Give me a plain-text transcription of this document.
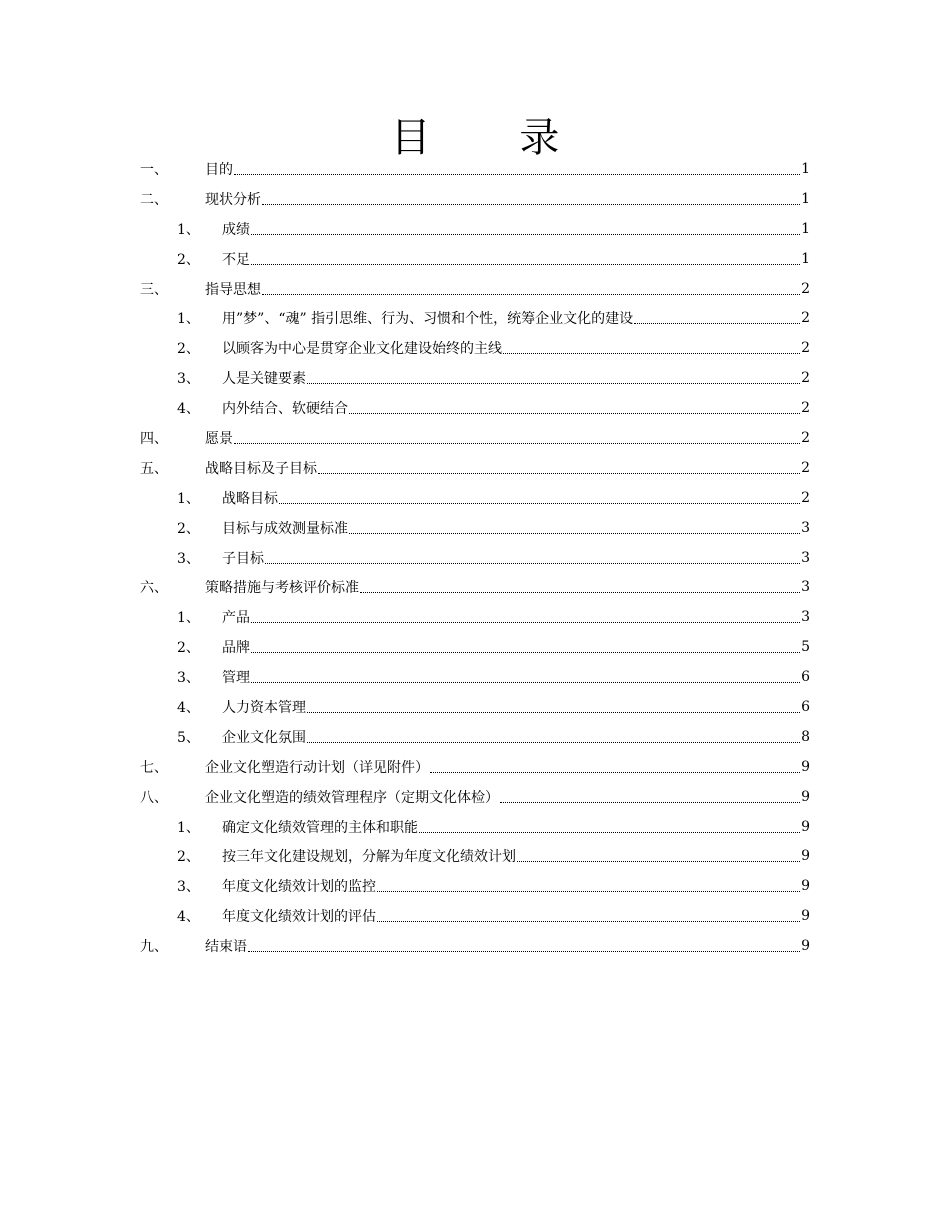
目 录
一、	目的	1
二、	现状分析	1
1、	成绩	1
2、	不足	1
三、	指导思想	2
1、	用”梦”、“魂” 指引思维、行为、习惯和个性，统筹企业文化的建设	2
2、	以顾客为中心是贯穿企业文化建设始终的主线	2
3、	人是关键要素	2
4、	内外结合、软硬结合	2
四、	愿景	2
五、	战略目标及子目标	2
1、	战略目标	2
2、	目标与成效测量标准	3
3、	子目标	3
六、	策略措施与考核评价标准	3
1、	产品	3
2、	品牌	5
3、	管理	6
4、	人力资本管理	6
5、	企业文化氛围	8
七、	企业文化塑造行动计划（详见附件）	9
八、	企业文化塑造的绩效管理程序（定期文化体检）	9
1、	确定文化绩效管理的主体和职能	9
2、	按三年文化建设规划，分解为年度文化绩效计划	9
3、	年度文化绩效计划的监控	9
4、	年度文化绩效计划的评估	9
九、	结束语	9
